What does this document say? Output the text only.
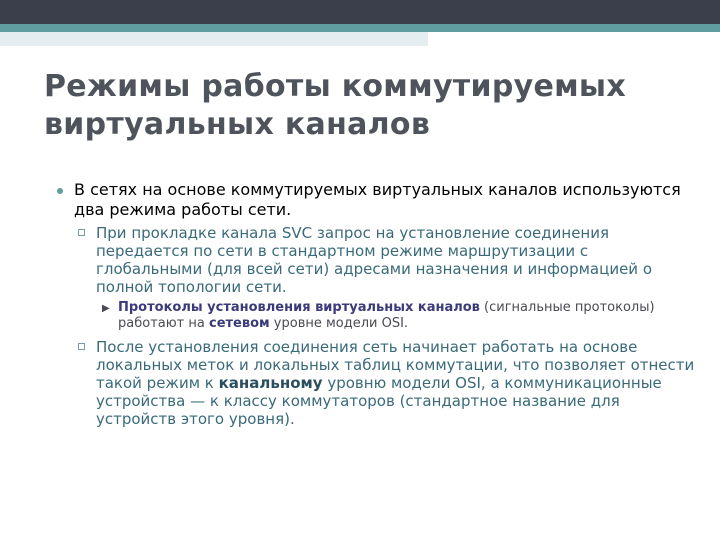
Режимы работы коммутируемых виртуальных каналов

В сетях на основе коммутируемых виртуальных каналов используются два режима работы сети.

При прокладке канала SVC запрос на установление соединения передается по сети в стандартном режиме маршрутизации с глобальными (для всей сети) адресами назначения и информацией о полной топологии сети.

▶ Протоколы установления виртуальных каналов (сигнальные протоколы) работают на сетевом уровне модели OSI.

После установления соединения сеть начинает работать на основе локальных меток и локальных таблиц коммутации, что позволяет отнести такой режим к канальному уровню модели OSI, а коммуникационные устройства — к классу коммутаторов (стандартное название для устройств этого уровня).
